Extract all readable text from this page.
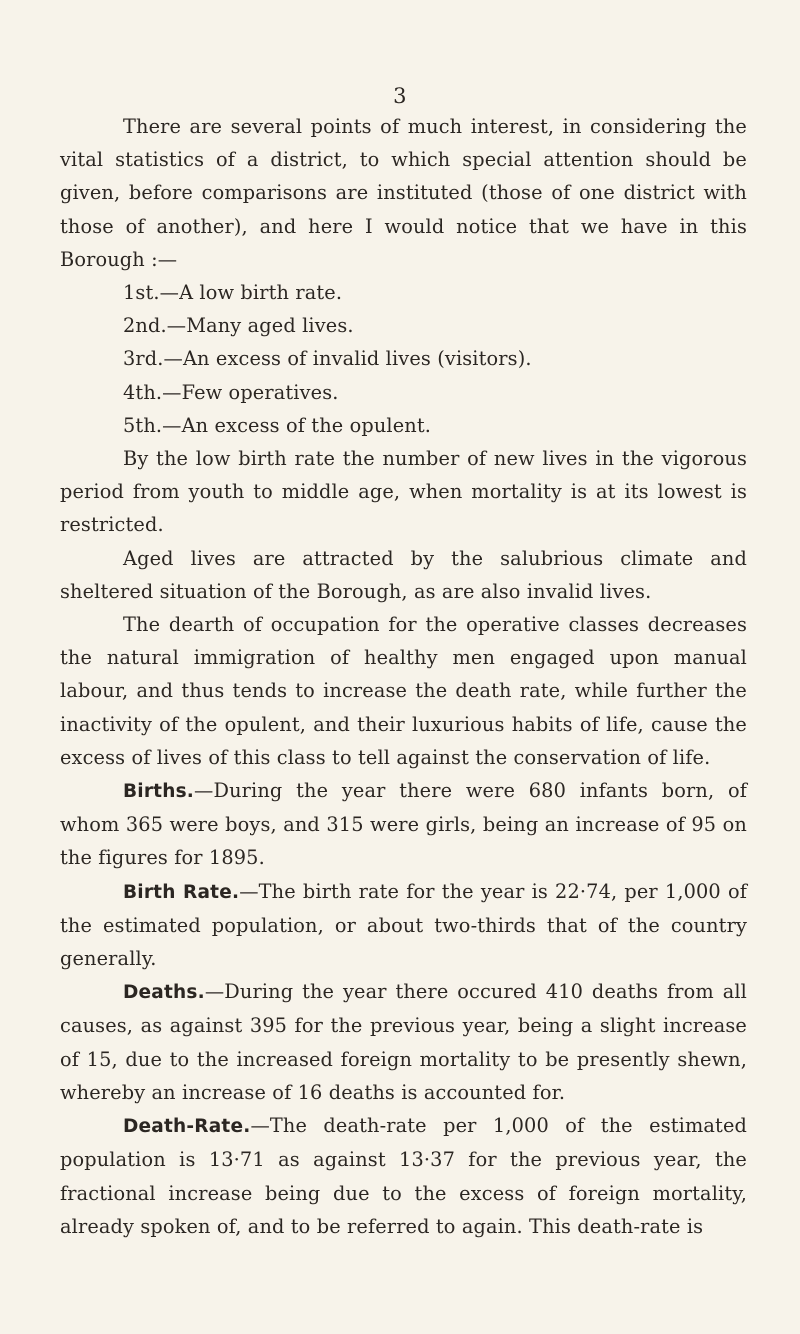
3

There are several points of much interest, in considering the vital statistics of a district, to which special attention should be given, before comparisons are instituted (those of one district with those of another), and here I would notice that we have in this Borough :—

1st.—A low birth rate.

2nd.—Many aged lives.

3rd.—An excess of invalid lives (visitors).

4th.—Few operatives.

5th.—An excess of the opulent.

By the low birth rate the number of new lives in the vigorous period from youth to middle age, when mortality is at its lowest is restricted.

Aged lives are attracted by the salubrious climate and sheltered situation of the Borough, as are also invalid lives.

The dearth of occupation for the operative classes decreases the natural immigration of healthy men engaged upon manual labour, and thus tends to increase the death rate, while further the inactivity of the opulent, and their luxurious habits of life, cause the excess of lives of this class to tell against the conservation of life.

Births.—During the year there were 680 infants born, of whom 365 were boys, and 315 were girls, being an increase of 95 on the figures for 1895.

Birth Rate.—The birth rate for the year is 22·74, per 1,000 of the estimated population, or about two-thirds that of the country generally.

Deaths.—During the year there occured 410 deaths from all causes, as against 395 for the previous year, being a slight increase of 15, due to the increased foreign mortality to be presently shewn, whereby an increase of 16 deaths is accounted for.

Death-Rate.—The death-rate per 1,000 of the estimated population is 13·71 as against 13·37 for the previous year, the fractional increase being due to the excess of foreign mortality, already spoken of, and to be referred to again. This death-rate is
